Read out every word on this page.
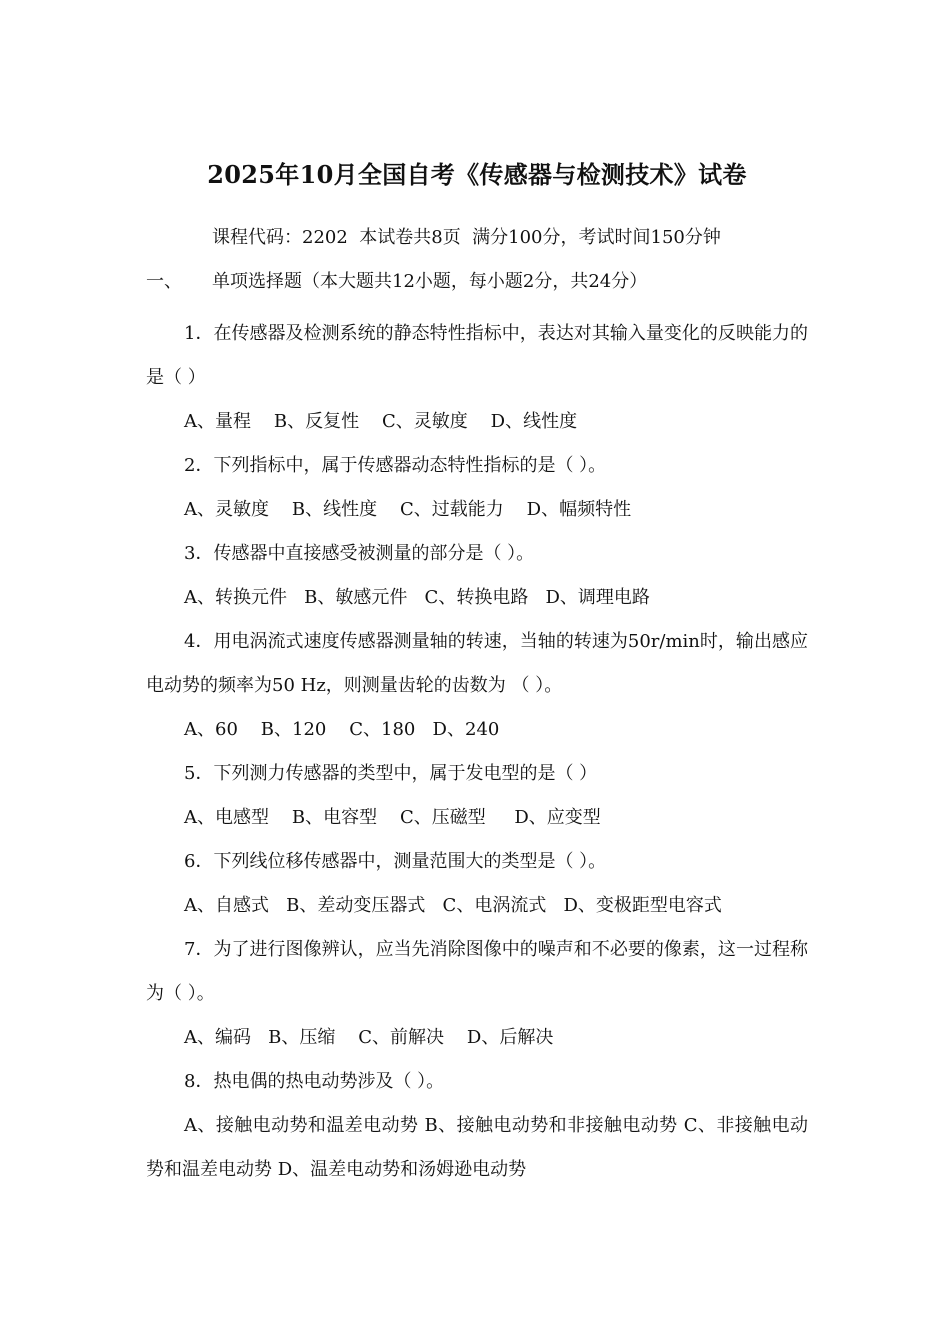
2025年10月全国自考《传感器与检测技术》试卷
课程代码：2202  本试卷共8页  满分100分，考试时间150分钟
一、 单项选择题（本大题共12小题，每小题2分，共24分）
1．在传感器及检测系统的静态特性指标中，表达对其输入量变化的反映能力的是（ ）
A、量程    B、反复性    C、灵敏度    D、线性度
2．下列指标中，属于传感器动态特性指标的是（ ）。
A、灵敏度    B、线性度    C、过载能力    D、幅频特性
3．传感器中直接感受被测量的部分是（ ）。
A、转换元件   B、敏感元件   C、转换电路   D、调理电路
4．用电涡流式速度传感器测量轴的转速，当轴的转速为50r/min时，输出感应电动势的频率为50 Hz，则测量齿轮的齿数为 （ ）。
A、60    B、120    C、180   D、240
5．下列测力传感器的类型中，属于发电型的是（ ）
A、电感型    B、电容型    C、压磁型     D、应变型
6．下列线位移传感器中，测量范围大的类型是（ ）。
A、自感式   B、差动变压器式   C、电涡流式   D、变极距型电容式
7．为了进行图像辨认，应当先消除图像中的噪声和不必要的像素，这一过程称为（ ）。
A、编码   B、压缩    C、前解决    D、后解决
8．热电偶的热电动势涉及（ ）。
A、接触电动势和温差电动势 B、接触电动势和非接触电动势 C、非接触电动势和温差电动势 D、温差电动势和汤姆逊电动势
